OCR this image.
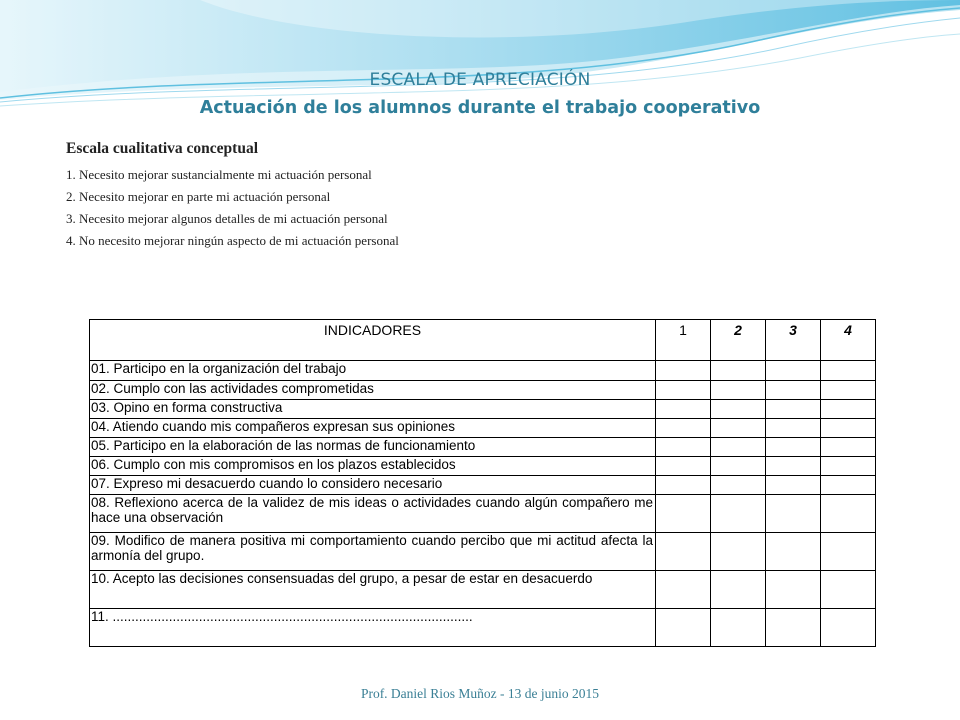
ESCALA DE APRECIACIÓN
Actuación de los alumnos durante el trabajo cooperativo
Escala cualitativa conceptual
1. Necesito mejorar sustancialmente mi actuación personal
2. Necesito mejorar en parte mi actuación personal
3. Necesito mejorar algunos detalles de mi actuación personal
4. No necesito mejorar ningún aspecto de mi actuación personal
INDICADORES	1	2	3	4
01. Participo en la organización del trabajo				
02. Cumplo con las actividades comprometidas				
03. Opino en forma constructiva				
04. Atiendo cuando mis compañeros expresan sus opiniones				
05. Participo en la elaboración de las normas de funcionamiento				
06. Cumplo con mis compromisos en los plazos establecidos				
07. Expreso mi desacuerdo cuando lo considero necesario				
08. Reflexiono acerca de la validez de mis ideas o actividades cuando algún compañero me hace una observación				
09. Modifico de manera positiva mi comportamiento cuando percibo que mi actitud afecta la armonía del grupo.				
10. Acepto las decisiones consensuadas del grupo, a pesar de estar en desacuerdo				
11. ................................................................................................				
Prof. Daniel Rios Muñoz - 13 de junio 2015
